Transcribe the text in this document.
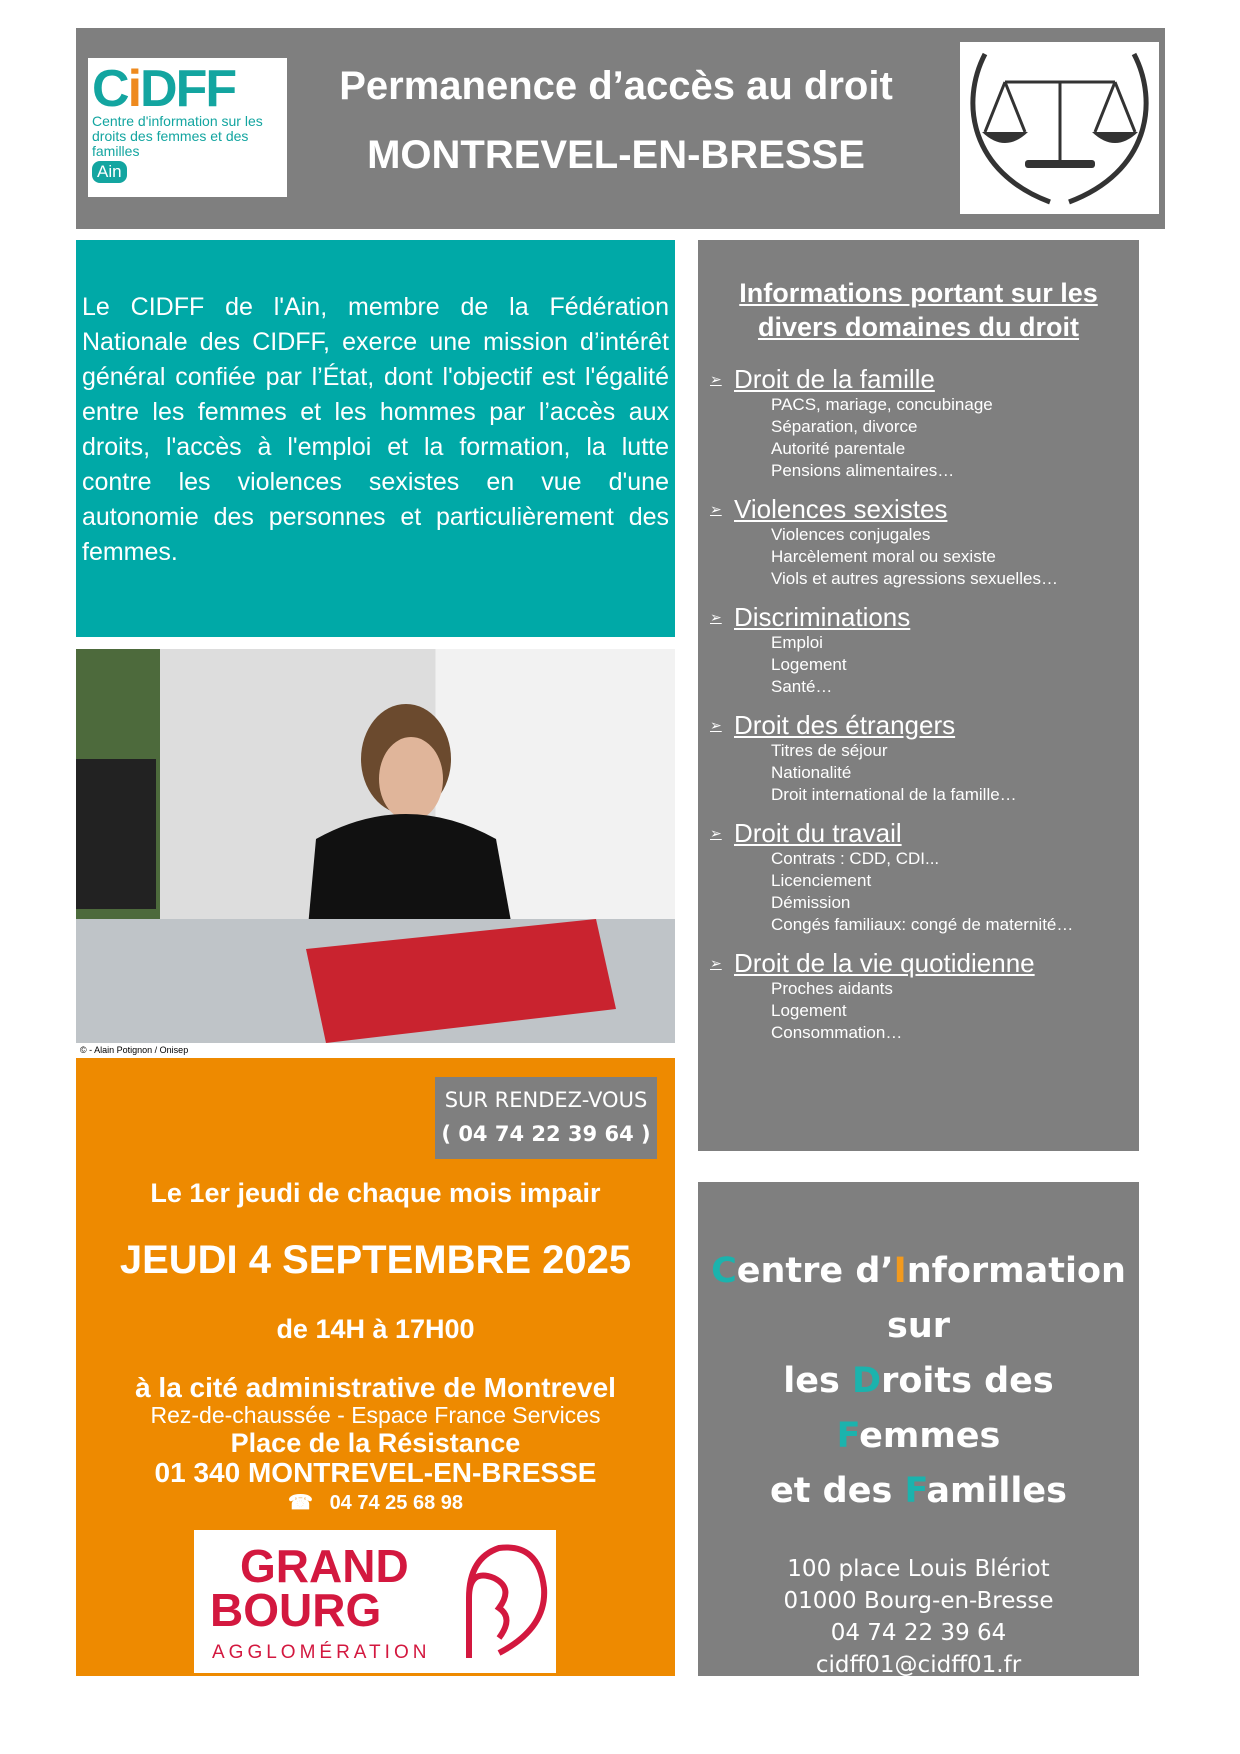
CiDFF
Centre d'information sur les droits des femmes et des familles
Ain
Permanence d’accès au droit
MONTREVEL-EN-BRESSE
Le CIDFF de l'Ain, membre de la Fédération Nationale des CIDFF, exerce une mission d’intérêt général confiée par l’État, dont l'objectif est l'égalité entre les femmes et les hommes par l’accès aux droits, l'accès à l'emploi et la formation, la lutte contre les violences sexistes en vue d'une autonomie des personnes et particulièrement des femmes.
© - Alain Potignon / Onisep
SUR RENDEZ-VOUS
( 04 74 22 39 64 )
Le 1er jeudi de chaque mois impair
JEUDI 4 SEPTEMBRE 2025
de 14H à 17H00
à la cité administrative de Montrevel
Rez-de-chaussée - Espace France Services
Place de la Résistance
01 340 MONTREVEL-EN-BRESSE
☎   04 74 25 68 98
GRAND
BOURG
AGGLOMÉRATION
Informations portant sur les divers domaines du droit
➢ Droit de la famille
PACS, mariage, concubinage
Séparation, divorce
Autorité parentale
Pensions alimentaires…
➢ Violences sexistes
Violences conjugales
Harcèlement moral ou sexiste
Viols et autres agressions sexuelles…
➢ Discriminations
Emploi
Logement
Santé…
➢ Droit des étrangers
Titres de séjour
Nationalité
Droit international de la famille…
➢ Droit du travail
Contrats : CDD, CDI...
Licenciement
Démission
Congés familiaux: congé de maternité…
➢ Droit de la vie quotidienne
Proches aidants
Logement
Consommation…
Centre d’Information
sur
les Droits des Femmes
et des Familles
100 place Louis Blériot
01000 Bourg-en-Bresse
04 74 22 39 64
cidff01@cidff01.fr
